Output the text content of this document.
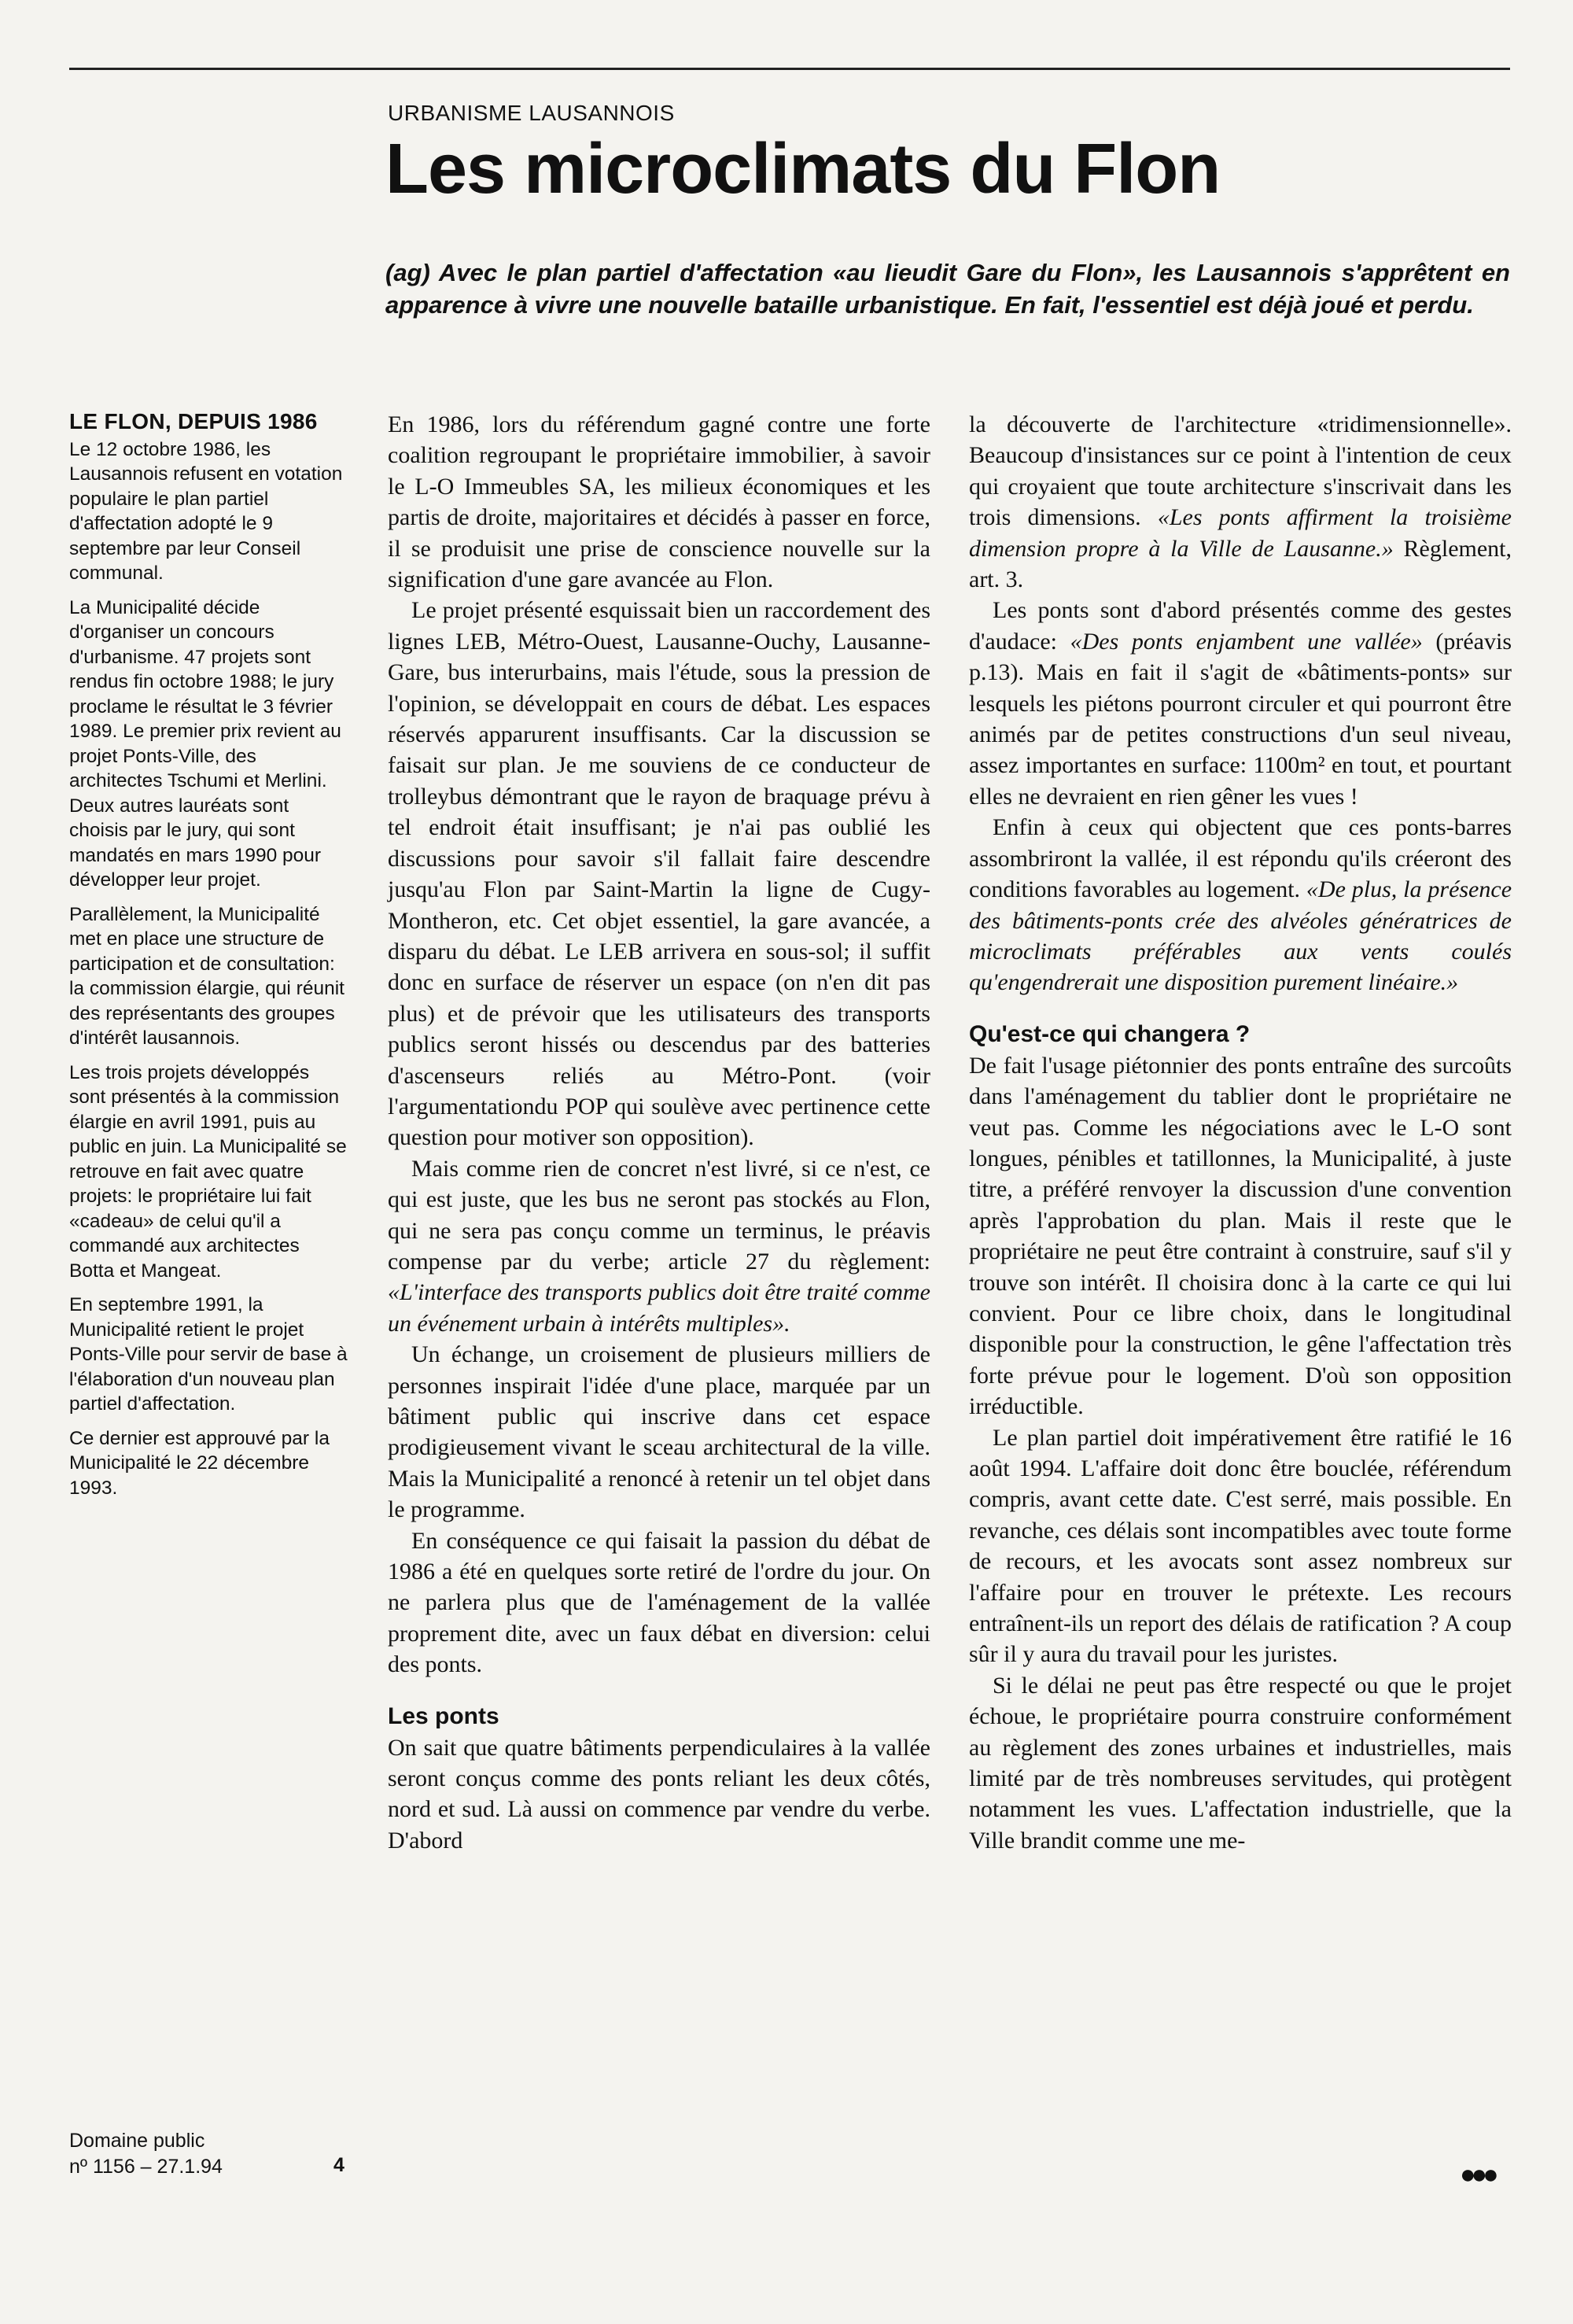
URBANISME LAUSANNOIS
Les microclimats du Flon
(ag) Avec le plan partiel d'affectation «au lieudit Gare du Flon», les Lausannois s'apprêtent en apparence à vivre une nouvelle bataille urbanistique. En fait, l'essentiel est déjà joué et perdu.
LE FLON, DEPUIS 1986

Le 12 octobre 1986, les Lausannois refusent en votation populaire le plan partiel d'affectation adopté le 9 septembre par leur Conseil communal.

La Municipalité décide d'organiser un concours d'urbanisme. 47 projets sont rendus fin octobre 1988; le jury proclame le résultat le 3 février 1989. Le premier prix revient au projet Ponts-Ville, des architectes Tschumi et Merlini. Deux autres lauréats sont choisis par le jury, qui sont mandatés en mars 1990 pour développer leur projet.

Parallèlement, la Municipalité met en place une structure de participation et de consultation: la commission élargie, qui réunit des représentants des groupes d'intérêt lausannois.

Les trois projets développés sont présentés à la commission élargie en avril 1991, puis au public en juin. La Municipalité se retrouve en fait avec quatre projets: le propriétaire lui fait «cadeau» de celui qu'il a commandé aux architectes Botta et Mangeat.

En septembre 1991, la Municipalité retient le projet Ponts-Ville pour servir de base à l'élaboration d'un nouveau plan partiel d'affectation.

Ce dernier est approuvé par la Municipalité le 22 décembre 1993.

En 1986, lors du référendum gagné contre une forte coalition regroupant le propriétaire immobilier, à savoir le L-O Immeubles SA, les milieux économiques et les partis de droite, majoritaires et décidés à passer en force, il se produisit une prise de conscience nouvelle sur la signification d'une gare avancée au Flon.

Le projet présenté esquissait bien un raccordement des lignes LEB, Métro-Ouest, Lausanne-Ouchy, Lausanne-Gare, bus interurbains, mais l'étude, sous la pression de l'opinion, se développait en cours de débat. Les espaces réservés apparurent insuffisants. Car la discussion se faisait sur plan. Je me souviens de ce conducteur de trolleybus démontrant que le rayon de braquage prévu à tel endroit était insuffisant; je n'ai pas oublié les discussions pour savoir s'il fallait faire descendre jusqu'au Flon par Saint-Martin la ligne de Cugy-Montheron, etc. Cet objet essentiel, la gare avancée, a disparu du débat. Le LEB arrivera en sous-sol; il suffit donc en surface de réserver un espace (on n'en dit pas plus) et de prévoir que les utilisateurs des transports publics seront hissés ou descendus par des batteries d'ascenseurs reliés au Métro-Pont. (voir l'argumentationdu POP qui soulève avec pertinence cette question pour motiver son opposition).

Mais comme rien de concret n'est livré, si ce n'est, ce qui est juste, que les bus ne seront pas stockés au Flon, qui ne sera pas conçu comme un terminus, le préavis compense par du verbe; article 27 du règlement: «L'interface des transports publics doit être traité comme un événement urbain à intérêts multiples».

Un échange, un croisement de plusieurs milliers de personnes inspirait l'idée d'une place, marquée par un bâtiment public qui inscrive dans cet espace prodigieusement vivant le sceau architectural de la ville. Mais la Municipalité a renoncé à retenir un tel objet dans le programme.

En conséquence ce qui faisait la passion du débat de 1986 a été en quelques sorte retiré de l'ordre du jour. On ne parlera plus que de l'aménagement de la vallée proprement dite, avec un faux débat en diversion: celui des ponts.

Les ponts

On sait que quatre bâtiments perpendiculaires à la vallée seront conçus comme des ponts reliant les deux côtés, nord et sud. Là aussi on commence par vendre du verbe. D'abord

la découverte de l'architecture «tridimensionnelle». Beaucoup d'insistances sur ce point à l'intention de ceux qui croyaient que toute architecture s'inscrivait dans les trois dimensions. «Les ponts affirment la troisième dimension propre à la Ville de Lausanne.» Règlement, art. 3.

Les ponts sont d'abord présentés comme des gestes d'audace: «Des ponts enjambent une vallée» (préavis p.13). Mais en fait il s'agit de «bâtiments-ponts» sur lesquels les piétons pourront circuler et qui pourront être animés par de petites constructions d'un seul niveau, assez importantes en surface: 1100m² en tout, et pourtant elles ne devraient en rien gêner les vues !

Enfin à ceux qui objectent que ces ponts-barres assombriront la vallée, il est répondu qu'ils créeront des conditions favorables au logement. «De plus, la présence des bâtiments-ponts crée des alvéoles génératrices de microclimats préférables aux vents coulés qu'engendrerait une disposition purement linéaire.»

Qu'est-ce qui changera ?

De fait l'usage piétonnier des ponts entraîne des surcoûts dans l'aménagement du tablier dont le propriétaire ne veut pas. Comme les négociations avec le L-O sont longues, pénibles et tatillonnes, la Municipalité, à juste titre, a préféré renvoyer la discussion d'une convention après l'approbation du plan. Mais il reste que le propriétaire ne peut être contraint à construire, sauf s'il y trouve son intérêt. Il choisira donc à la carte ce qui lui convient. Pour ce libre choix, dans le longitudinal disponible pour la construction, le gêne l'affectation très forte prévue pour le logement. D'où son opposition irréductible.

Le plan partiel doit impérativement être ratifié le 16 août 1994. L'affaire doit donc être bouclée, référendum compris, avant cette date. C'est serré, mais possible. En revanche, ces délais sont incompatibles avec toute forme de recours, et les avocats sont assez nombreux sur l'affaire pour en trouver le prétexte. Les recours entraînent-ils un report des délais de ratification ? A coup sûr il y aura du travail pour les juristes.

Si le délai ne peut pas être respecté ou que le projet échoue, le propriétaire pourra construire conformément au règlement des zones urbaines et industrielles, mais limité par de très nombreuses servitudes, qui protègent notamment les vues. L'affectation industrielle, que la Ville brandit comme une me-

Domaine public
nº 1156 – 27.1.94	4	●●●
